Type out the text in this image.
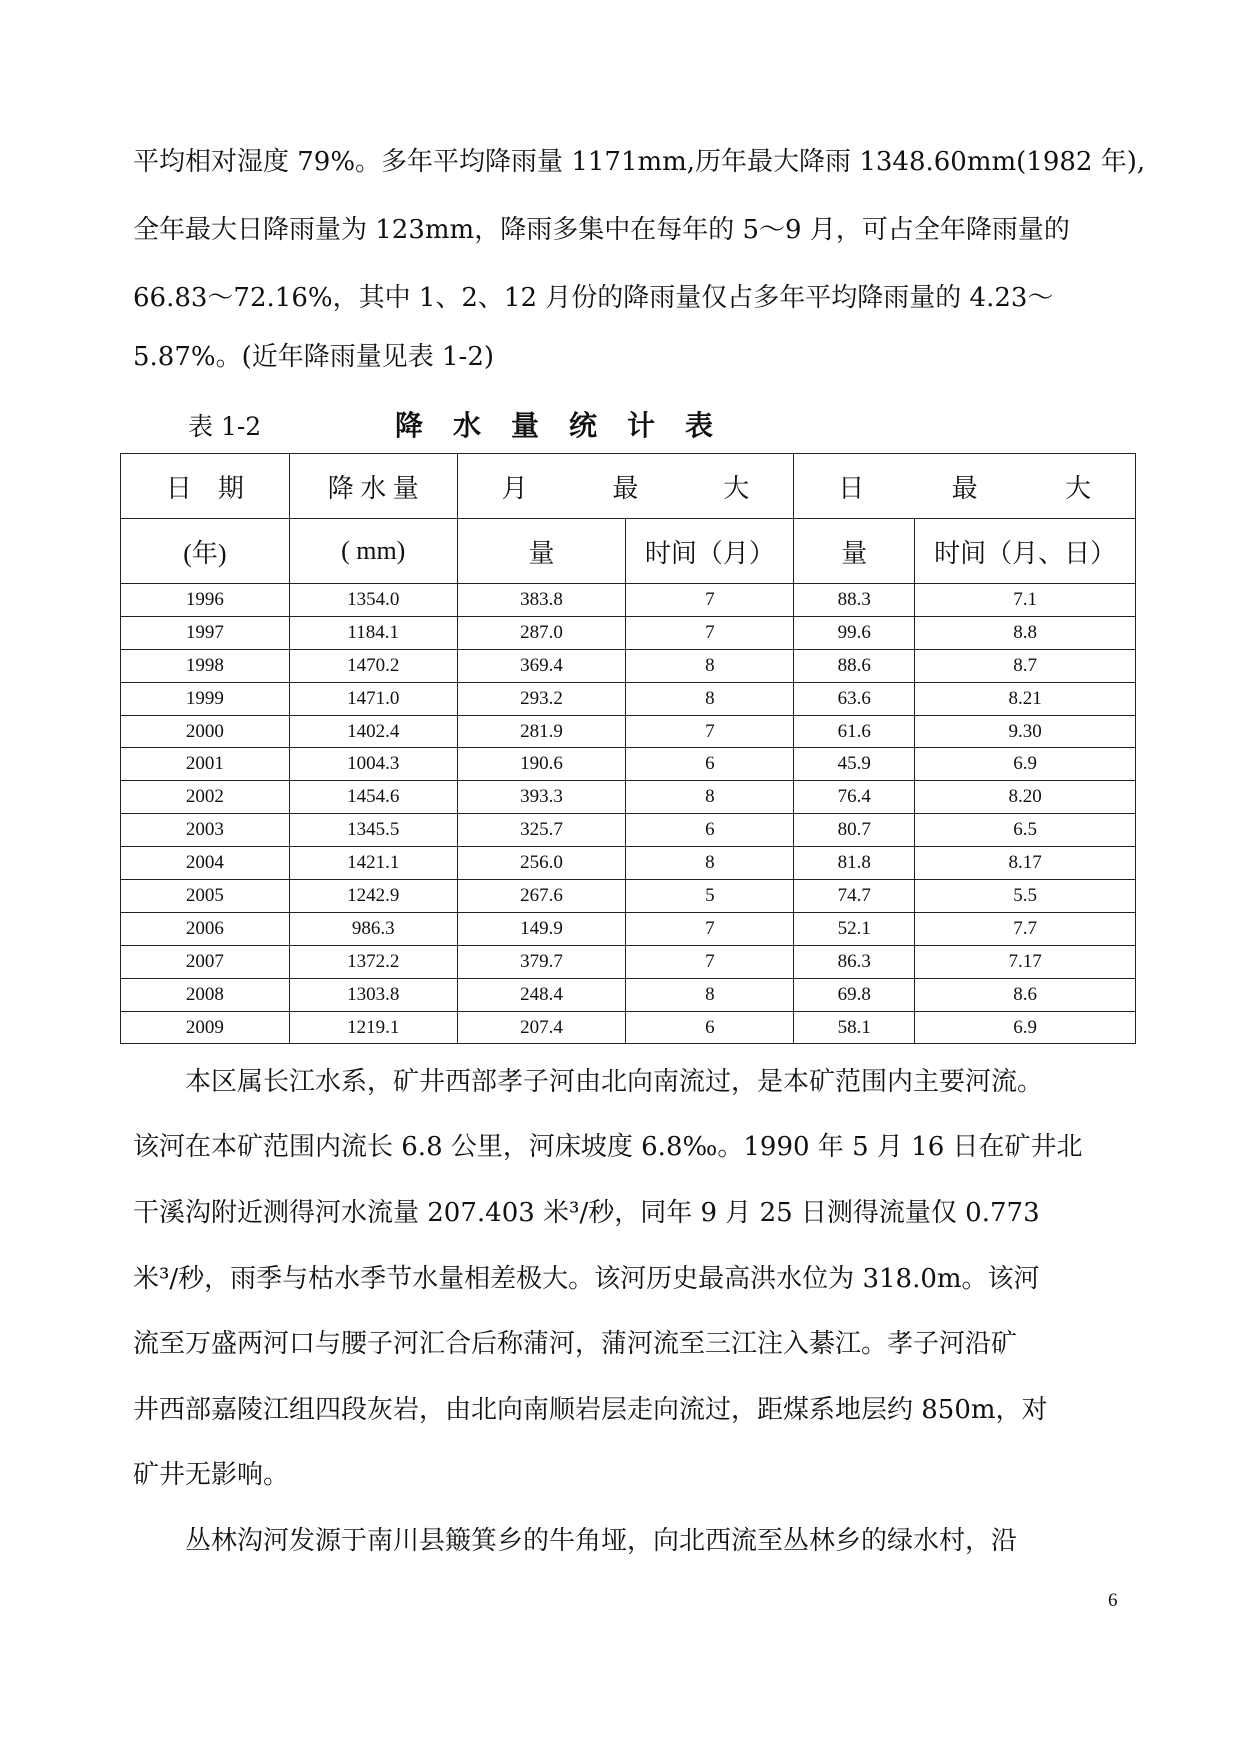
平均相对湿度 79%。多年平均降雨量 1171mm,历年最大降雨 1348.60mm(1982 年),
全年最大日降雨量为 123mm，降雨多集中在每年的 5～9 月，可占全年降雨量的
66.83～72.16%，其中 1、2、12 月份的降雨量仅占多年平均降雨量的 4.23～
5.87%。(近年降雨量见表 1-2)
表 1-2	降水量统计表
日　期	降 水 量	月 最 大		日 最 大	

(年)	( mm)	量	时间（月）	量	时间（月、日）
1996	1354.0	383.8	7	88.3	7.1
1997	1184.1	287.0	7	99.6	8.8
1998	1470.2	369.4	8	88.6	8.7
1999	1471.0	293.2	8	63.6	8.21
2000	1402.4	281.9	7	61.6	9.30
2001	1004.3	190.6	6	45.9	6.9
2002	1454.6	393.3	8	76.4	8.20
2003	1345.5	325.7	6	80.7	6.5
2004	1421.1	256.0	8	81.8	8.17
2005	1242.9	267.6	5	74.7	5.5
2006	986.3	149.9	7	52.1	7.7
2007	1372.2	379.7	7	86.3	7.17
2008	1303.8	248.4	8	69.8	8.6
2009	1219.1	207.4	6	58.1	6.9
　　本区属长江水系，矿井西部孝子河由北向南流过，是本矿范围内主要河流。
该河在本矿范围内流长 6.8 公里，河床坡度 6.8‰。1990 年 5 月 16 日在矿井北
干溪沟附近测得河水流量 207.403 米³/秒，同年 9 月 25 日测得流量仅 0.773
米³/秒，雨季与枯水季节水量相差极大。该河历史最高洪水位为 318.0m。该河
流至万盛两河口与腰子河汇合后称蒲河，蒲河流至三江注入綦江。孝子河沿矿
井西部嘉陵江组四段灰岩，由北向南顺岩层走向流过，距煤系地层约 850m，对
矿井无影响。
　　丛林沟河发源于南川县簸箕乡的牛角垭，向北西流至丛林乡的绿水村，沿
6
